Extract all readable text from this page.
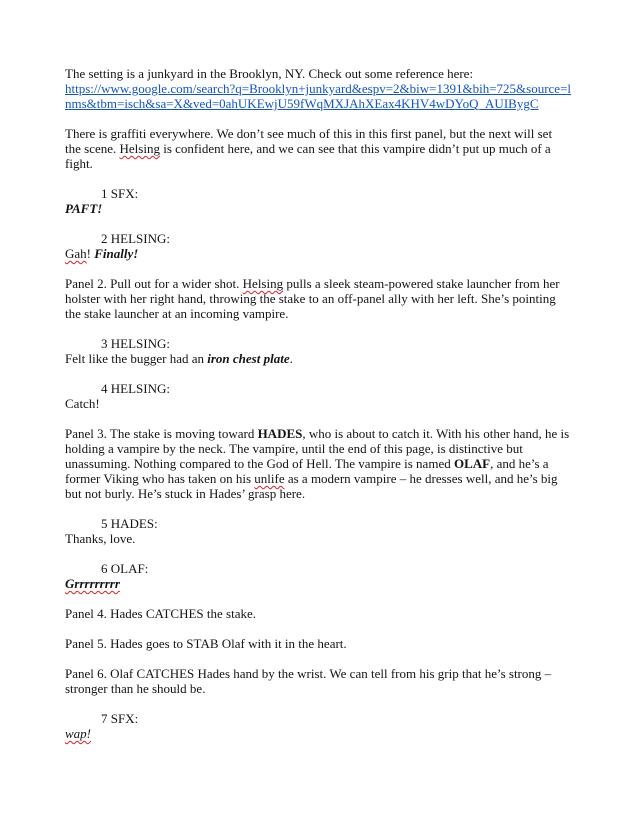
The setting is a junkyard in the Brooklyn, NY. Check out some reference here:
https://www.google.com/search?q=Brooklyn+junkyard&espv=2&biw=1391&bih=725&source=l
nms&tbm=isch&sa=X&ved=0ahUKEwjU59fWqMXJAhXEax4KHV4wDYoQ_AUIBygC
There is graffiti everywhere. We don’t see much of this in this first panel, but the next will set
the scene. Helsing is confident here, and we can see that this vampire didn’t put up much of a
fight.
1 SFX:
PAFT!
2 HELSING:
Gah! Finally!
Panel 2. Pull out for a wider shot. Helsing pulls a sleek steam-powered stake launcher from her
holster with her right hand, throwing the stake to an off-panel ally with her left. She’s pointing
the stake launcher at an incoming vampire.
3 HELSING:
Felt like the bugger had an iron chest plate.
4 HELSING:
Catch!
Panel 3. The stake is moving toward HADES, who is about to catch it. With his other hand, he is
holding a vampire by the neck. The vampire, until the end of this page, is distinctive but
unassuming. Nothing compared to the God of Hell. The vampire is named OLAF, and he’s a
former Viking who has taken on his unlife as a modern vampire – he dresses well, and he’s big
but not burly. He’s stuck in Hades’ grasp here.
5 HADES:
Thanks, love.
6 OLAF:
Grrrrrrrrr
Panel 4. Hades CATCHES the stake.
Panel 5. Hades goes to STAB Olaf with it in the heart.
Panel 6. Olaf CATCHES Hades hand by the wrist. We can tell from his grip that he’s strong –
stronger than he should be.
7 SFX:
wap!
